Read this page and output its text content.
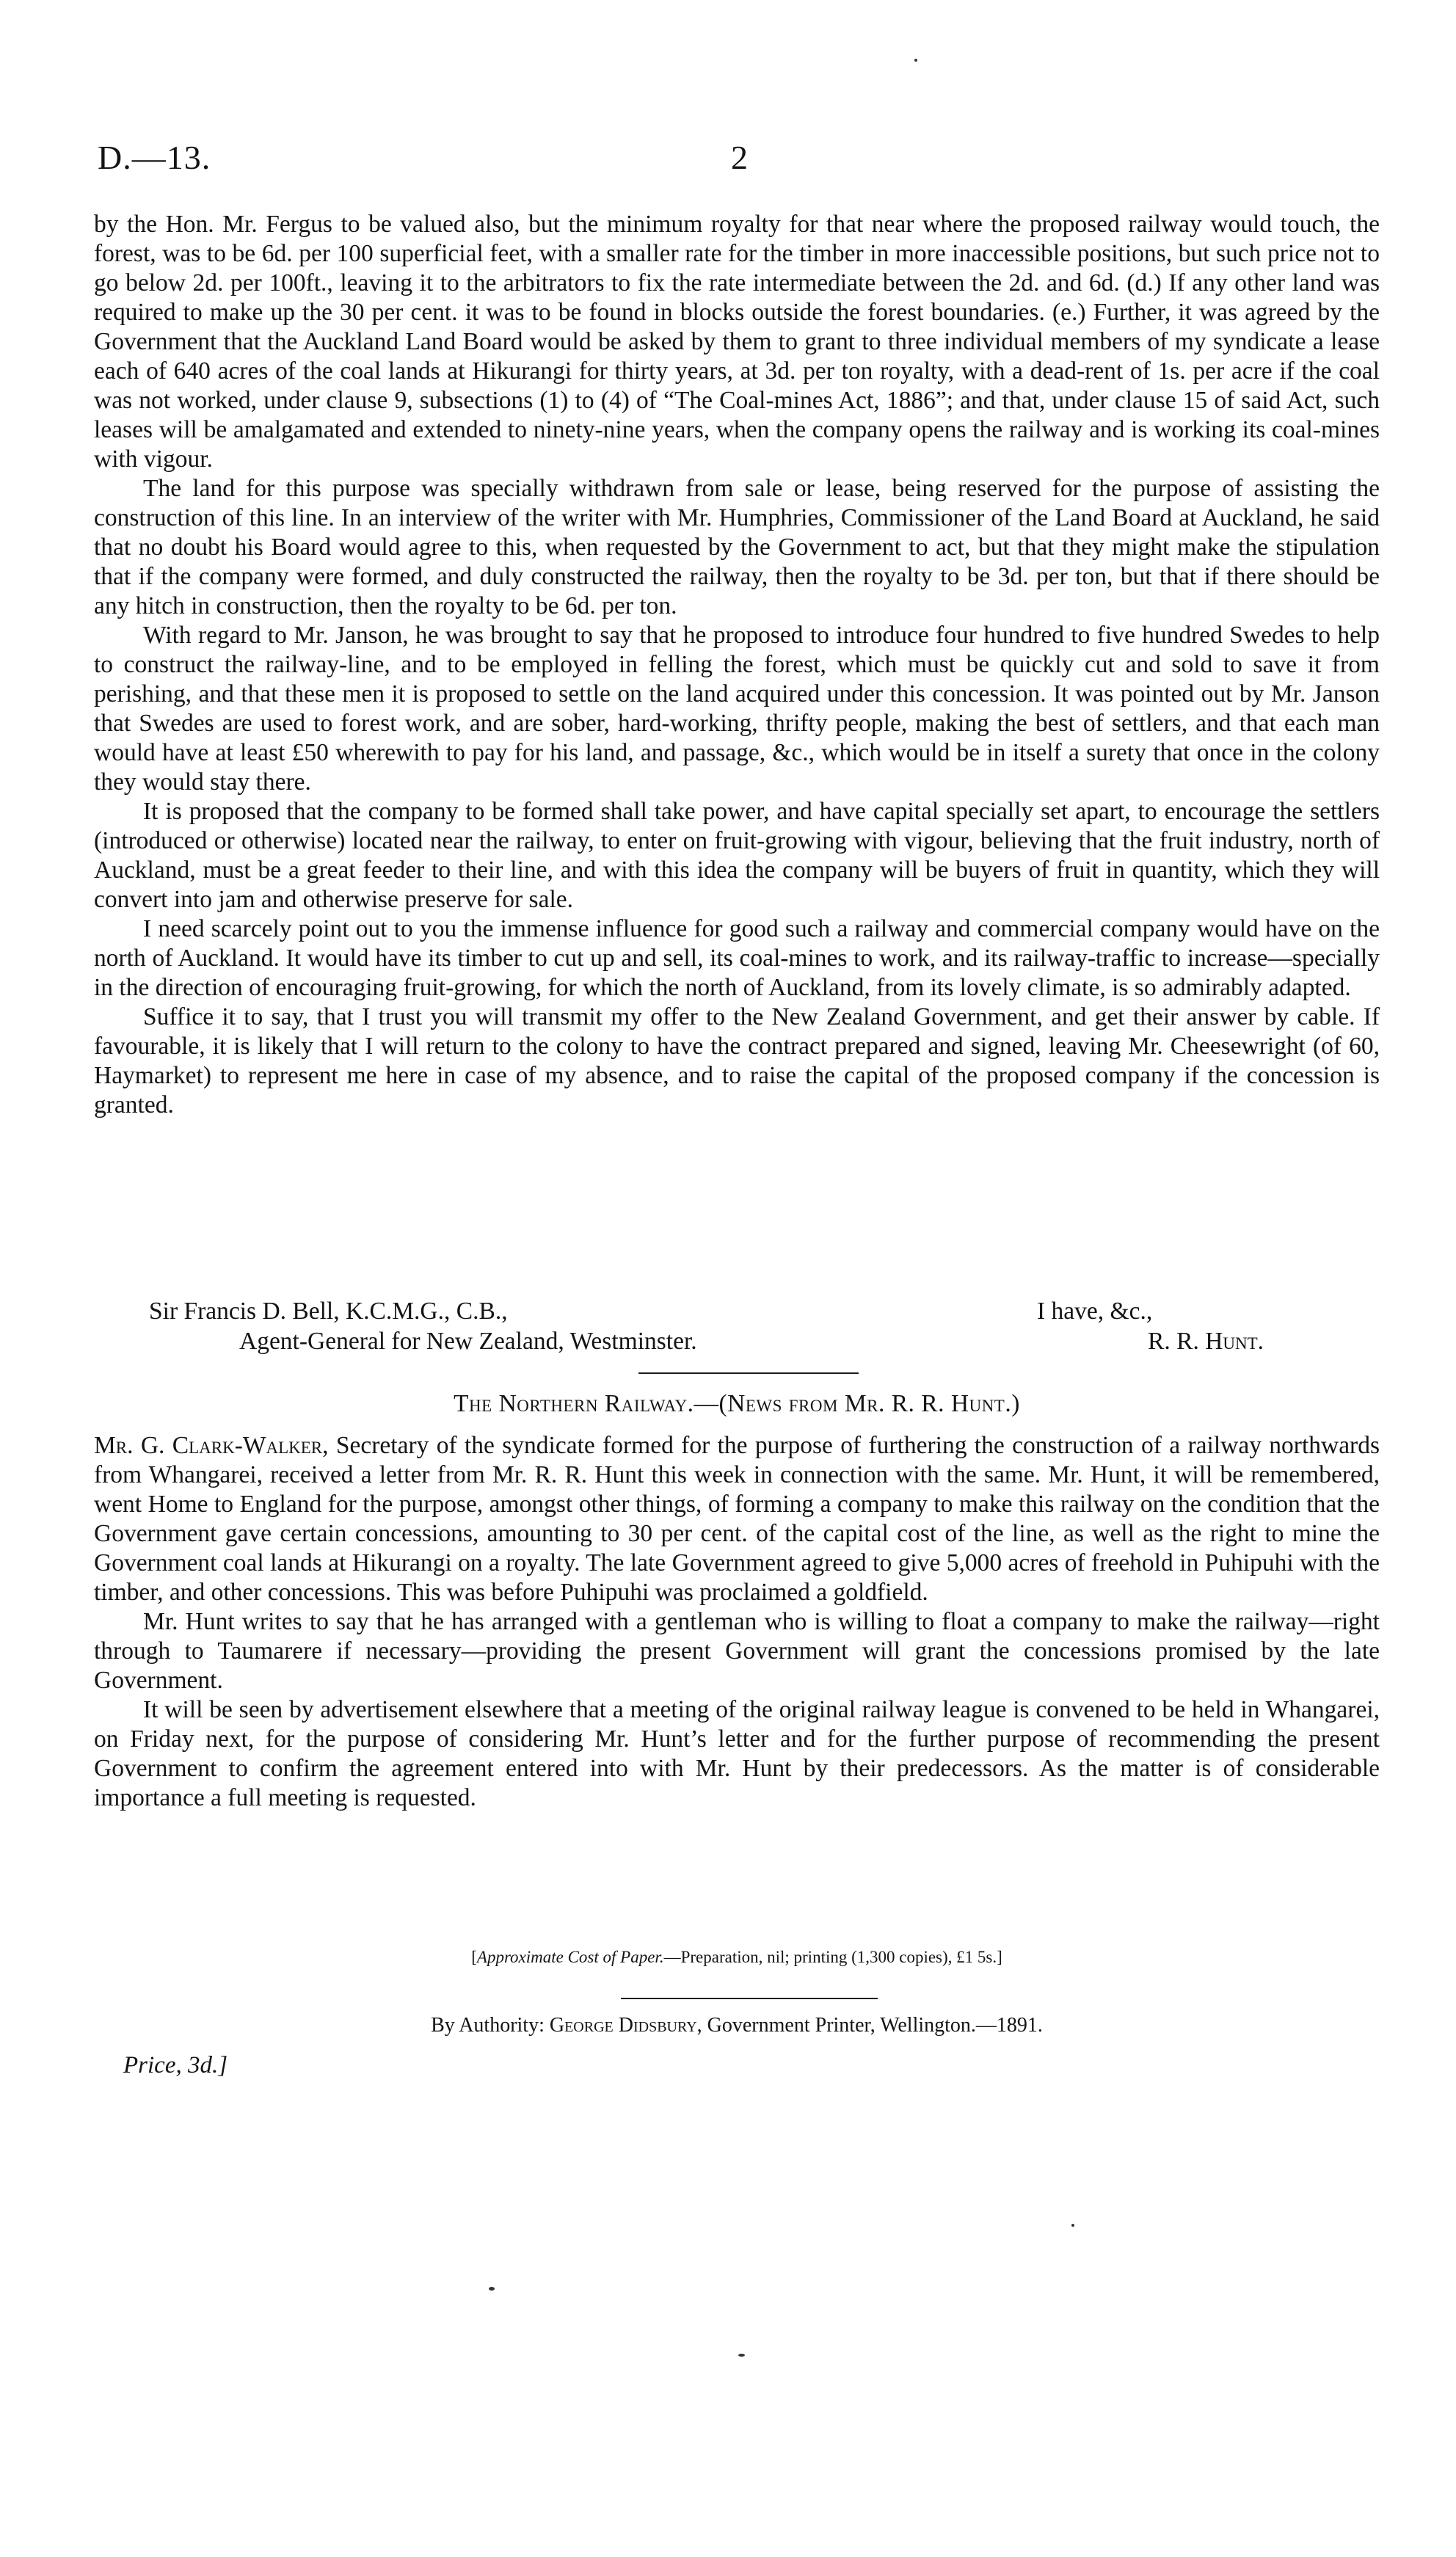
D.—13.	2

by the Hon. Mr. Fergus to be valued also, but the minimum royalty for that near where the proposed railway would touch, the forest, was to be 6d. per 100 superficial feet, with a smaller rate for the timber in more inaccessible positions, but such price not to go below 2d. per 100ft., leaving it to the arbitrators to fix the rate intermediate between the 2d. and 6d. (d.) If any other land was required to make up the 30 per cent. it was to be found in blocks outside the forest boundaries. (e.) Further, it was agreed by the Government that the Auckland Land Board would be asked by them to grant to three individual members of my syndicate a lease each of 640 acres of the coal lands at Hikurangi for thirty years, at 3d. per ton royalty, with a dead-rent of 1s. per acre if the coal was not worked, under clause 9, subsections (1) to (4) of “The Coal-mines Act, 1886”; and that, under clause 15 of said Act, such leases will be amalgamated and extended to ninety-nine years, when the company opens the railway and is working its coal-mines with vigour.

The land for this purpose was specially withdrawn from sale or lease, being reserved for the purpose of assisting the construction of this line. In an interview of the writer with Mr. Humphries, Commissioner of the Land Board at Auckland, he said that no doubt his Board would agree to this, when requested by the Government to act, but that they might make the stipulation that if the company were formed, and duly constructed the railway, then the royalty to be 3d. per ton, but that if there should be any hitch in construction, then the royalty to be 6d. per ton.

With regard to Mr. Janson, he was brought to say that he proposed to introduce four hundred to five hundred Swedes to help to construct the railway-line, and to be employed in felling the forest, which must be quickly cut and sold to save it from perishing, and that these men it is proposed to settle on the land acquired under this concession. It was pointed out by Mr. Janson that Swedes are used to forest work, and are sober, hard-working, thrifty people, making the best of settlers, and that each man would have at least £50 wherewith to pay for his land, and passage, &c., which would be in itself a surety that once in the colony they would stay there.

It is proposed that the company to be formed shall take power, and have capital specially set apart, to encourage the settlers (introduced or otherwise) located near the railway, to enter on fruit-growing with vigour, believing that the fruit industry, north of Auckland, must be a great feeder to their line, and with this idea the company will be buyers of fruit in quantity, which they will convert into jam and otherwise preserve for sale.

I need scarcely point out to you the immense influence for good such a railway and commercial company would have on the north of Auckland. It would have its timber to cut up and sell, its coal-mines to work, and its railway-traffic to increase—specially in the direction of encouraging fruit-growing, for which the north of Auckland, from its lovely climate, is so admirably adapted.

Suffice it to say, that I trust you will transmit my offer to the New Zealand Government, and get their answer by cable. If favourable, it is likely that I will return to the colony to have the contract prepared and signed, leaving Mr. Cheesewright (of 60, Haymarket) to represent me here in case of my absence, and to raise the capital of the proposed company if the concession is granted.

Sir Francis D. Bell, K.C.M.G., C.B.,	I have, &c.,
Agent-General for New Zealand, Westminster.	R. R. Hunt.
The Northern Railway.—(News from Mr. R. R. Hunt.)

Mr. G. Clark-Walker, Secretary of the syndicate formed for the purpose of furthering the construction of a railway northwards from Whangarei, received a letter from Mr. R. R. Hunt this week in connection with the same. Mr. Hunt, it will be remembered, went Home to England for the purpose, amongst other things, of forming a company to make this railway on the condition that the Government gave certain concessions, amounting to 30 per cent. of the capital cost of the line, as well as the right to mine the Government coal lands at Hikurangi on a royalty. The late Government agreed to give 5,000 acres of freehold in Puhipuhi with the timber, and other concessions. This was before Puhipuhi was proclaimed a goldfield.

Mr. Hunt writes to say that he has arranged with a gentleman who is willing to float a company to make the railway—right through to Taumarere if necessary—providing the present Government will grant the concessions promised by the late Government.

It will be seen by advertisement elsewhere that a meeting of the original railway league is convened to be held in Whangarei, on Friday next, for the purpose of considering Mr. Hunt’s letter and for the further purpose of recommending the present Government to confirm the agreement entered into with Mr. Hunt by their predecessors. As the matter is of considerable importance a full meeting is requested.

[Approximate Cost of Paper.—Preparation, nil; printing (1,300 copies), £1 5s.]
By Authority: George Didsbury, Government Printer, Wellington.—1891.
Price, 3d.]
